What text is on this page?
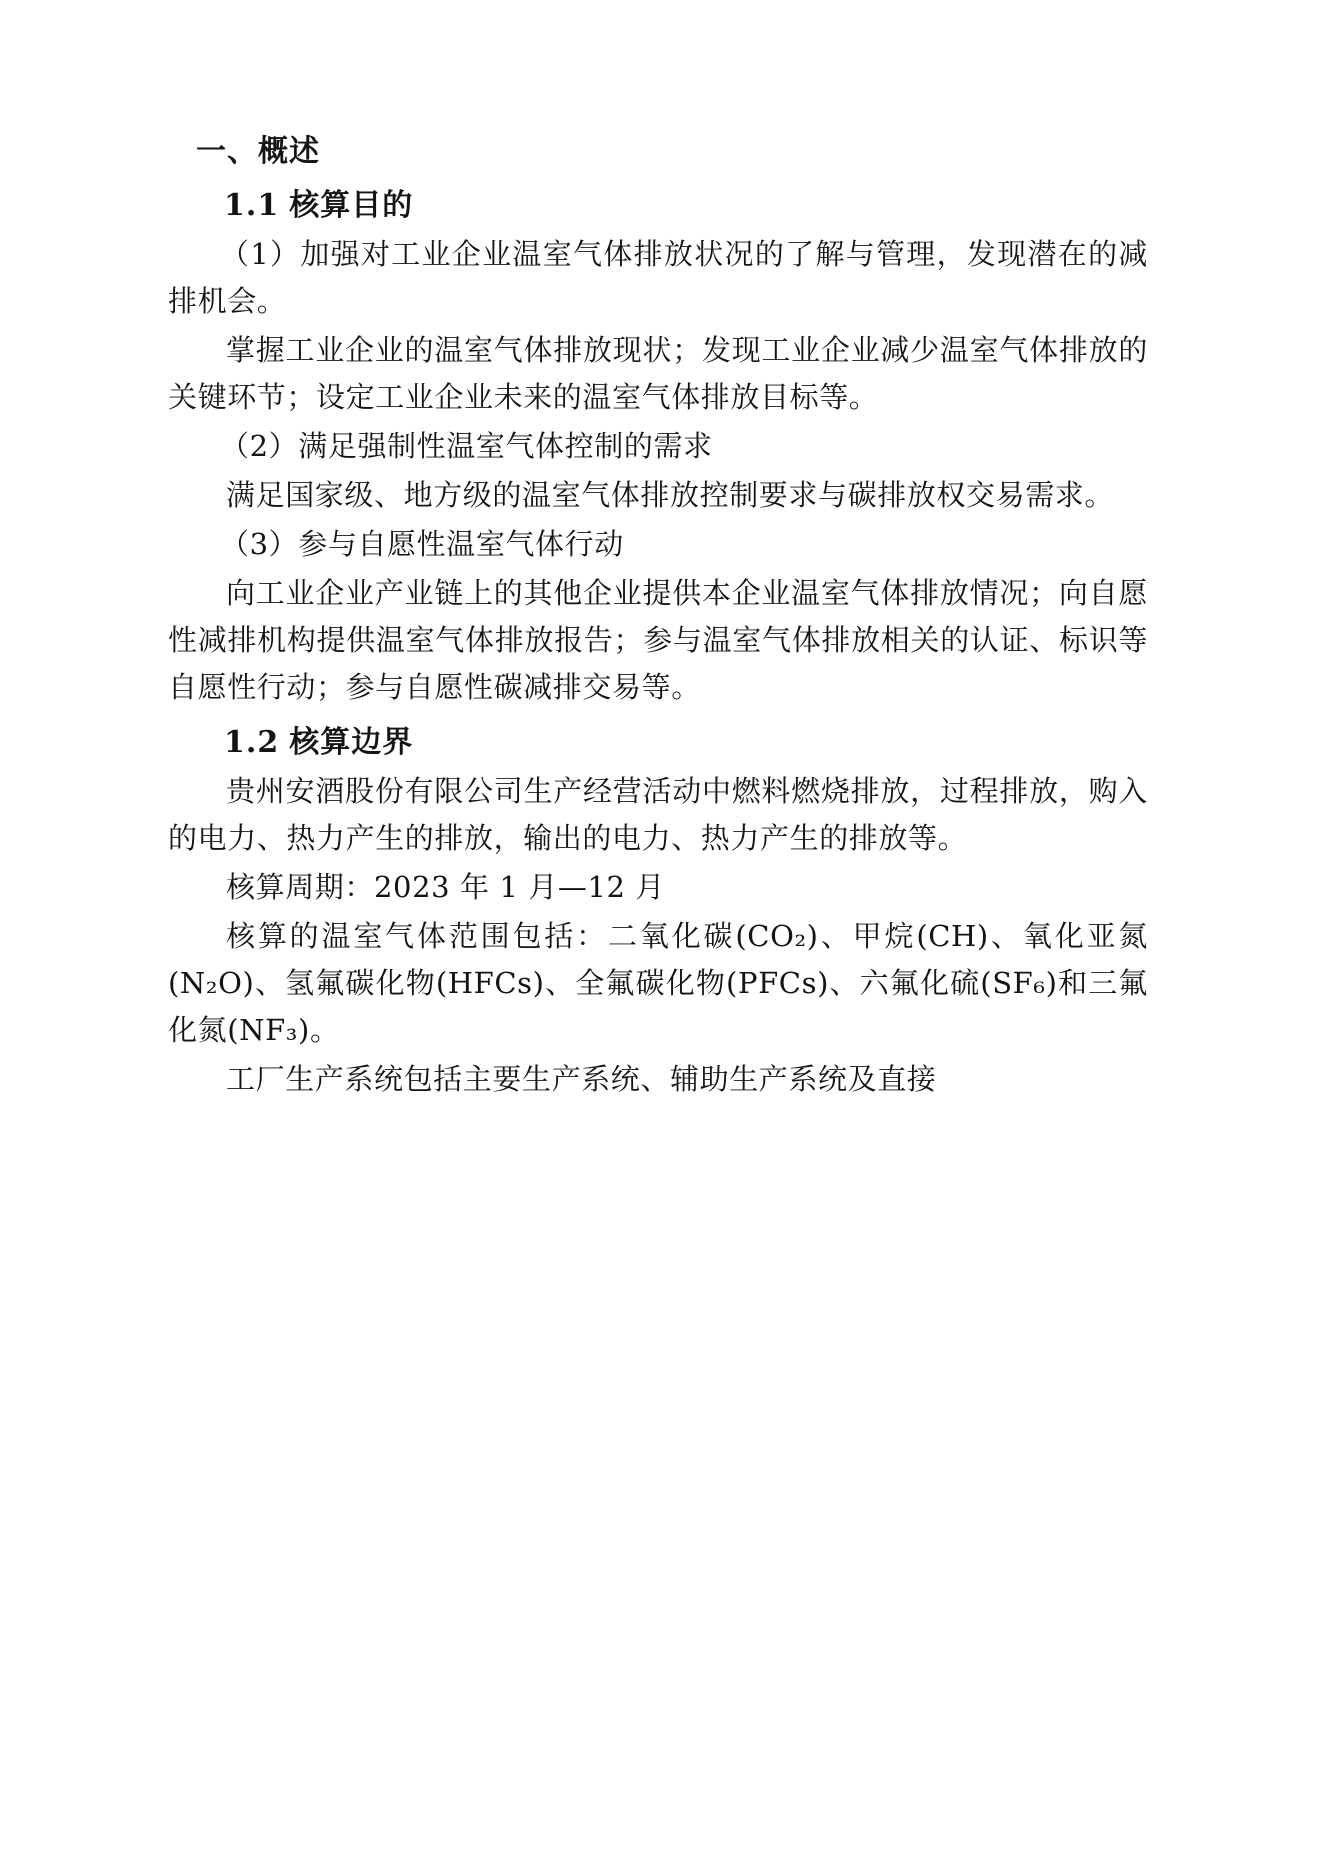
一、概述
1.1 核算目的

（1）加强对工业企业温室气体排放状况的了解与管理，发现潜在的减排机会。

掌握工业企业的温室气体排放现状；发现工业企业减少温室气体排放的关键环节；设定工业企业未来的温室气体排放目标等。

（2）满足强制性温室气体控制的需求

满足国家级、地方级的温室气体排放控制要求与碳排放权交易需求。

（3）参与自愿性温室气体行动

向工业企业产业链上的其他企业提供本企业温室气体排放情况；向自愿性减排机构提供温室气体排放报告；参与温室气体排放相关的认证、标识等自愿性行动；参与自愿性碳减排交易等。

1.2 核算边界

贵州安酒股份有限公司生产经营活动中燃料燃烧排放，过程排放，购入的电力、热力产生的排放，输出的电力、热力产生的排放等。

核算周期：2023 年 1 月—12 月

核算的温室气体范围包括：二氧化碳(CO₂)、甲烷(CH)、氧化亚氮(N₂O)、氢氟碳化物(HFCs)、全氟碳化物(PFCs)、六氟化硫(SF₆)和三氟化氮(NF₃)。

工厂生产系统包括主要生产系统、辅助生产系统及直接
